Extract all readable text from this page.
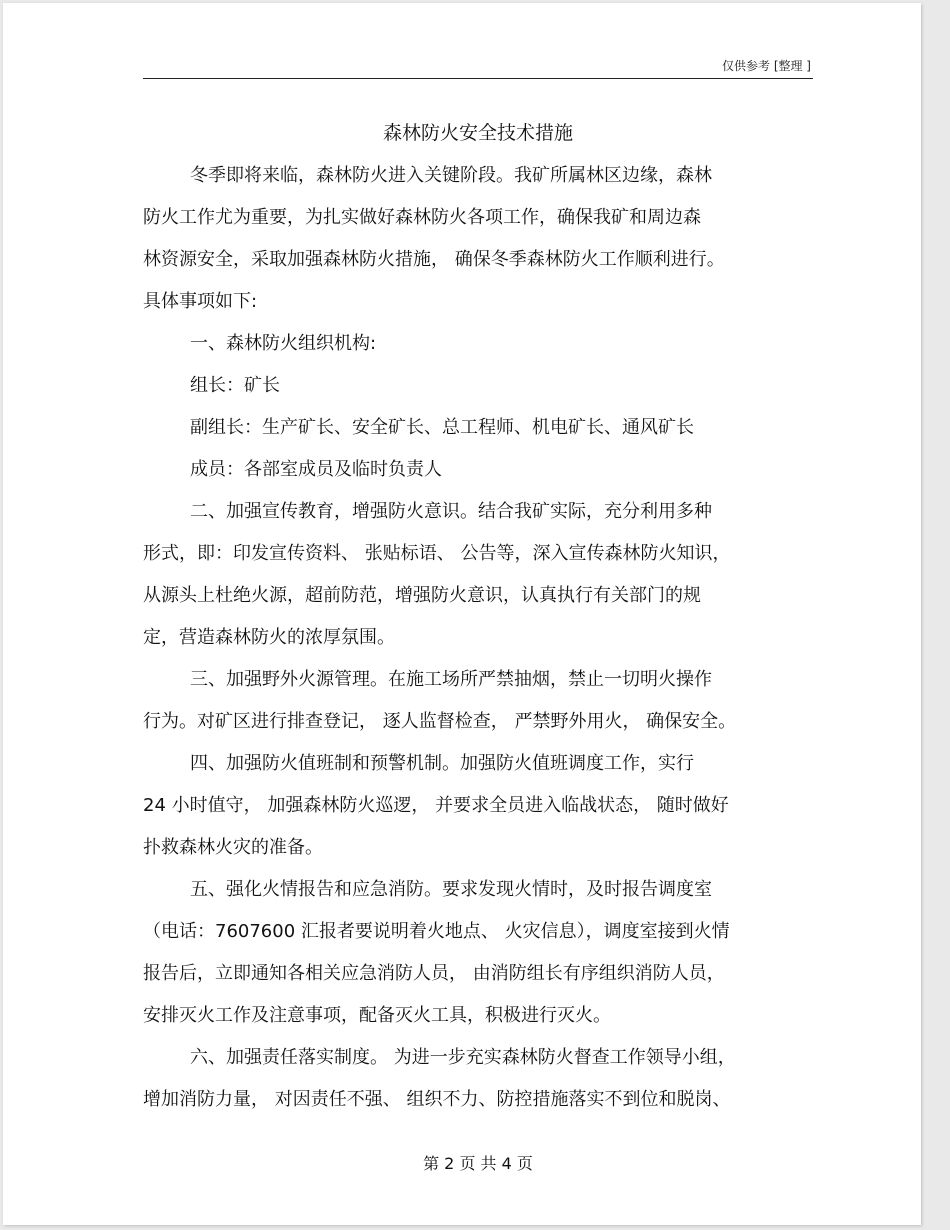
仅供参考 [整理 ]
森林防火安全技术措施
冬季即将来临，森林防火进入关键阶段。我矿所属林区边缘，森林
防火工作尤为重要，为扎实做好森林防火各项工作，确保我矿和周边森
林资源安全，采取加强森林防火措施， 确保冬季森林防火工作顺利进行。
具体事项如下:
一、森林防火组织机构:
组长：矿长
副组长：生产矿长、安全矿长、总工程师、机电矿长、通风矿长
成员：各部室成员及临时负责人
二、加强宣传教育，增强防火意识。结合我矿实际，充分利用多种
形式，即：印发宣传资料、 张贴标语、 公告等，深入宣传森林防火知识，
从源头上杜绝火源，超前防范，增强防火意识，认真执行有关部门的规
定，营造森林防火的浓厚氛围。
三、加强野外火源管理。在施工场所严禁抽烟，禁止一切明火操作
行为。对矿区进行排查登记， 逐人监督检查， 严禁野外用火， 确保安全。
四、加强防火值班制和预警机制。加强防火值班调度工作，实行
24 小时值守， 加强森林防火巡逻， 并要求全员进入临战状态， 随时做好
扑救森林火灾的准备。
五、强化火情报告和应急消防。要求发现火情时，及时报告调度室
（电话：7607600 汇报者要说明着火地点、 火灾信息），调度室接到火情
报告后，立即通知各相关应急消防人员， 由消防组长有序组织消防人员，
安排灭火工作及注意事项，配备灭火工具，积极进行灭火。
六、加强责任落实制度。 为进一步充实森林防火督查工作领导小组，
增加消防力量， 对因责任不强、 组织不力、防控措施落实不到位和脱岗、
第 2 页 共 4 页
